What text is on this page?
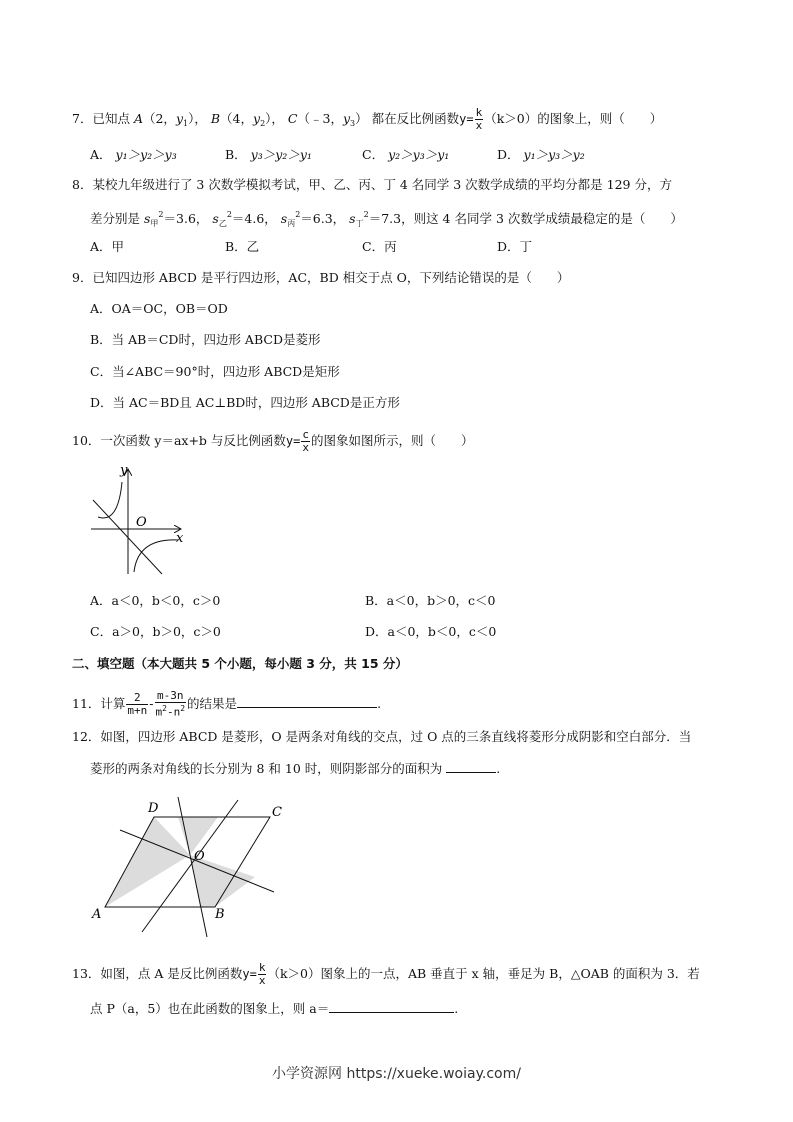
7．已知点 A（2，$y_1$）， B（4，$y_2$）， C（﹣3，$y_3$） 都在反比例函数$y= \frac{k}{x} (k>0)$的图象上，则（　　）
A． y₁＞y₂＞y₃	B． y₃＞y₂＞y₁	C． y₂＞y₃＞y₁	D． y₁＞y₃＞y₂
8．某校九年级进行了 3 次数学模拟考试，甲、乙、丙、丁 4 名同学 3 次数学成绩的平均分都是 129 分，方
差分别是 $s_甲^2=3.6$， $s_乙^2=4.6$， $s_丙^2=6.3$， $s_丁^2=7.3$，则这 4 名同学 3 次数学成绩最稳定的是（　　）
A．甲	B．乙	C．丙	D．丁
9．已知四边形 ABCD 是平行四边形，AC，BD 相交于点 O，下列结论错误的是（　　）
A．OA＝OC，OB＝OD
B．当 AB＝CD时，四边形 ABCD是菱形
C．当∠ABC＝90°时，四边形 ABCD是矩形
D．当 AC＝BD且 AC⊥BD时，四边形 ABCD是正方形
10．一次函数 y＝ax+b 与反比例函数$y= \frac{c}{x}$ 的图象如图所示，则（　　）
y
x
O
A．a＜0，b＜0，c＞0	B．a＜0，b＞0，c＜0
C．a＞0，b＞0，c＞0	D．a＜0，b＜0，c＜0
二、填空题（本大题共 5 个小题，每小题 3 分，共 15 分）
11．计算 $\frac{2}{m+n} - \frac{m-3n}{m^2-n^2}$ 的结果是	.
12．如图，四边形 ABCD 是菱形，O 是两条对角线的交点，过 O 点的三条直线将菱形分成阴影和空白部分．当
菱形的两条对角线的长分别为 8 和 10 时，则阴影部分的面积为	.
D	C
A	B
O
13．如图，点 A 是反比例函数$y= \frac{k}{x} (k>0)$图象上的一点，AB 垂直于 x 轴，垂足为 B，△OAB 的面积为 3．若
点 P（a，5）也在此函数的图象上，则 a＝	.
小学资源网 https://xueke.woiay.com/
